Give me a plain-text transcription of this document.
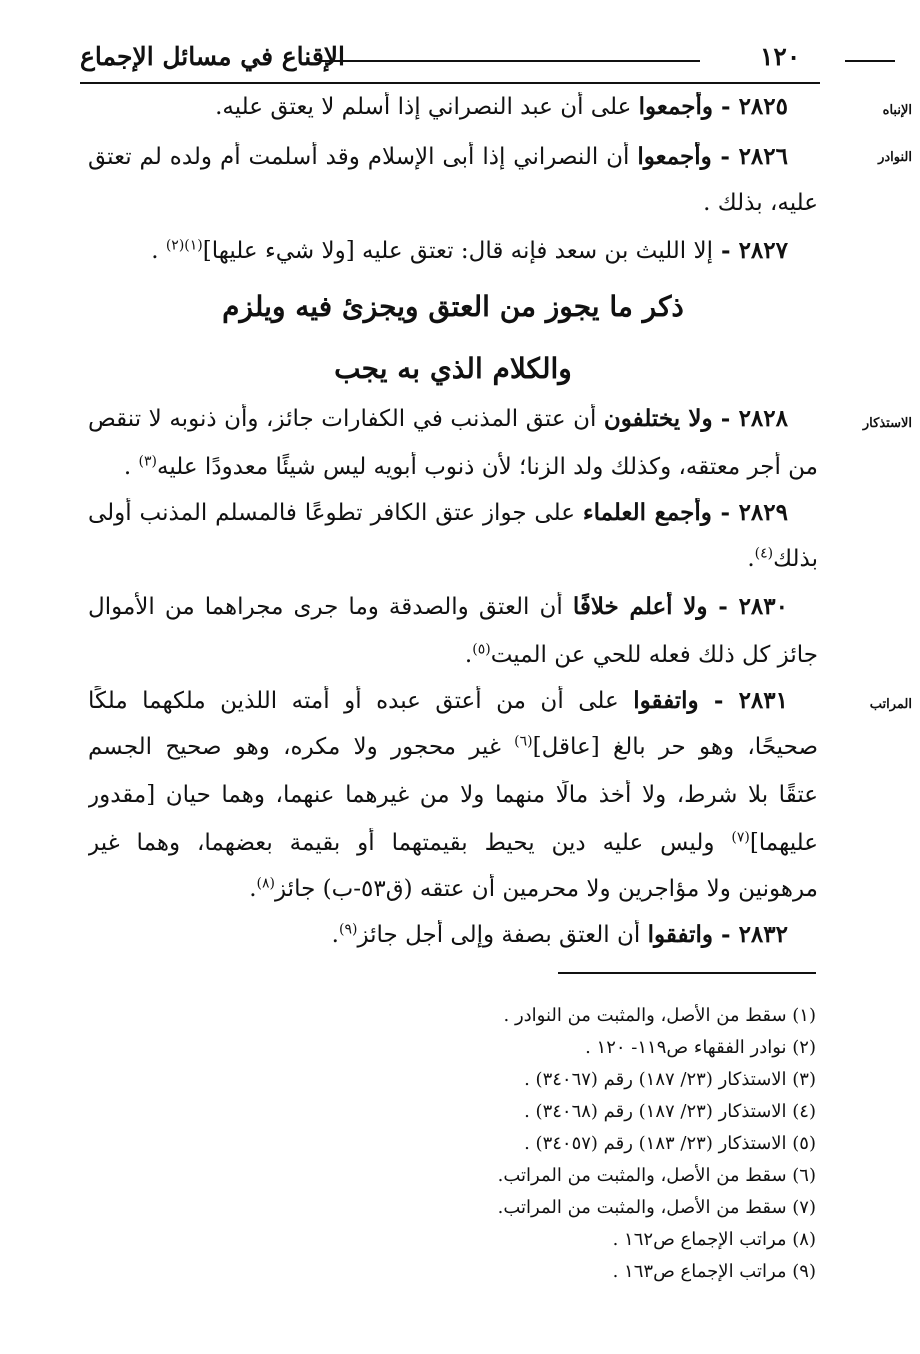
الإقناع في مسائل الإجماع	١٢٠
الإنباه
النوادر
الاستذكار
المراتب
٢٨٢٥ - وأجمعوا على أن عبد النصراني إذا أسلم لا يعتق عليه.
٢٨٢٦ - وأجمعوا أن النصراني إذا أبى الإسلام وقد أسلمت أم ولده لم تعتق
عليه، بذلك .
٢٨٢٧ - إلا الليث بن سعد فإنه قال: تعتق عليه [ولا شيء عليها]$^{(١)(٢)}$ .
ذكر ما يجوز من العتق ويجزئ فيه ويلزم
والكلام الذي به يجب
٢٨٢٨ - ولا يختلفون أن عتق المذنب في الكفارات جائز، وأن ذنوبه لا تنقص
من أجر معتقه، وكذلك ولد الزنا؛ لأن ذنوب أبويه ليس شيئًا معدودًا عليه$^{(٣)}$ .
٢٨٢٩ - وأجمع العلماء على جواز عتق الكافر تطوعًا فالمسلم المذنب أولى
بذلك$^{(٤)}$.
٢٨٣٠ - ولا أعلم خلافًا أن العتق والصدقة وما جرى مجراهما من الأموال
جائز كل ذلك فعله للحي عن الميت$^{(٥)}$.
٢٨٣١ - واتفقوا على أن من أعتق عبده أو أمته اللذين ملكهما ملكًا
صحيحًا، وهو حر بالغ [عاقل]$^{(٦)}$ غير محجور ولا مكره، وهو صحيح الجسم
عتقًا بلا شرط، ولا أخذ مالًا منهما ولا من غيرهما عنهما، وهما حيان [مقدور
عليهما]$^{(٧)}$ وليس عليه دين يحيط بقيمتهما أو بقيمة بعضهما، وهما غير
مرهونين ولا مؤاجرين ولا محرمين أن عتقه (ق٥٣-ب) جائز$^{(٨)}$.
٢٨٣٢ - واتفقوا أن العتق بصفة وإلى أجل جائز$^{(٩)}$.
(١) سقط من الأصل، والمثبت من النوادر .
(٢) نوادر الفقهاء ص١١٩- ١٢٠ .
(٣) الاستذكار (٢٣/ ١٨٧) رقم (٣٤٠٦٧) .
(٤) الاستذكار (٢٣/ ١٨٧) رقم (٣٤٠٦٨) .
(٥) الاستذكار (٢٣/ ١٨٣) رقم (٣٤٠٥٧) .
(٦) سقط من الأصل، والمثبت من المراتب.
(٧) سقط من الأصل، والمثبت من المراتب.
(٨) مراتب الإجماع ص١٦٢ .
(٩) مراتب الإجماع ص١٦٣ .
